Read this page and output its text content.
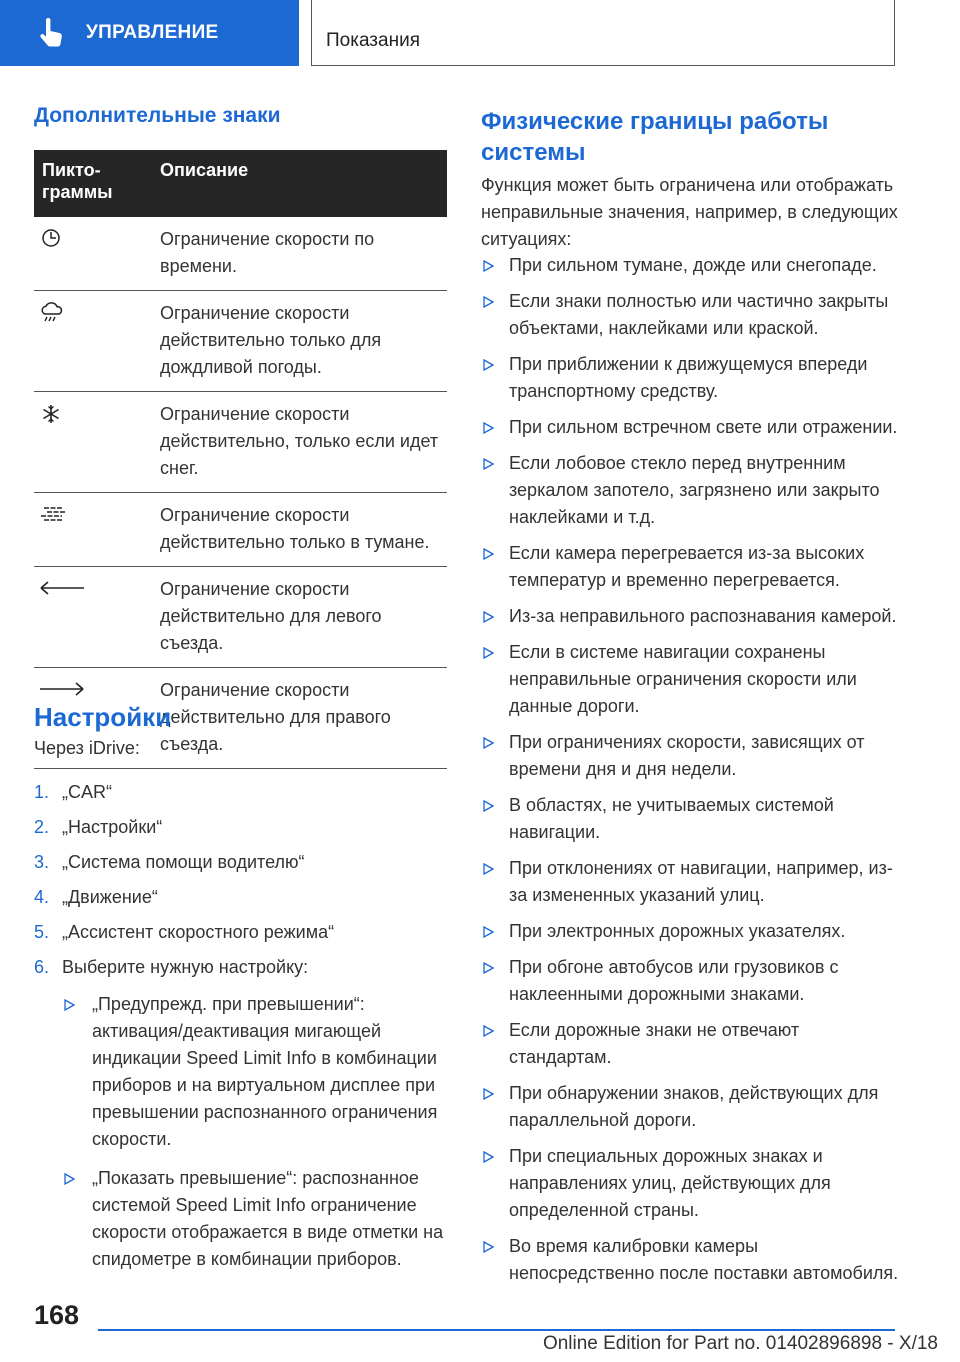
УПРАВЛЕНИЕ	Показания
Дополнительные знаки
Пикто-граммы	Описание

	Ограничение скорости по времени.

	Ограничение скорости действительно только для дождливой погоды.

	Ограничение скорости действительно, только если идет снег.

	Ограничение скорости действительно только в тумане.

	Ограничение скорости действительно для левого съезда.

	Ограничение скорости действительно для правого съезда.
Настройки
Через iDrive:
1. „CAR“
2. „Настройки“
3. „Система помощи водителю“
4. „Движение“
5. „Ассистент скоростного режима“
6. Выберите нужную настройку:
„Предупрежд. при превышении“: активация/деактивация мигающей индикации Speed Limit Info в комбинации приборов и на виртуальном дисплее при превышении распознанного ограничения скорости.
„Показать превышение“: распознанное системой Speed Limit Info ограничение скорости отображается в виде отметки на спидометре в комбинации приборов.
Физические границы работы системы
Функция может быть ограничена или отображать неправильные значения, например, в следующих ситуациях:
При сильном тумане, дожде или снегопаде.
Если знаки полностью или частично закрыты объектами, наклейками или краской.
При приближении к движущемуся впереди транспортному средству.
При сильном встречном свете или отражении.
Если лобовое стекло перед внутренним зеркалом запотело, загрязнено или закрыто наклейками и т.д.
Если камера перегревается из-за высоких температур и временно перегревается.
Из-за неправильного распознавания камерой.
Если в системе навигации сохранены неправильные ограничения скорости или данные дороги.
При ограничениях скорости, зависящих от времени дня и дня недели.
В областях, не учитываемых системой навигации.
При отклонениях от навигации, например, из-за измененных указаний улиц.
При электронных дорожных указателях.
При обгоне автобусов или грузовиков с наклеенными дорожными знаками.
Если дорожные знаки не отвечают стандартам.
При обнаружении знаков, действующих для параллельной дороги.
При специальных дорожных знаках и направлениях улиц, действующих для определенной страны.
Во время калибровки камеры непосредственно после поставки автомобиля.
168
Online Edition for Part no. 01402896898 - X/18
